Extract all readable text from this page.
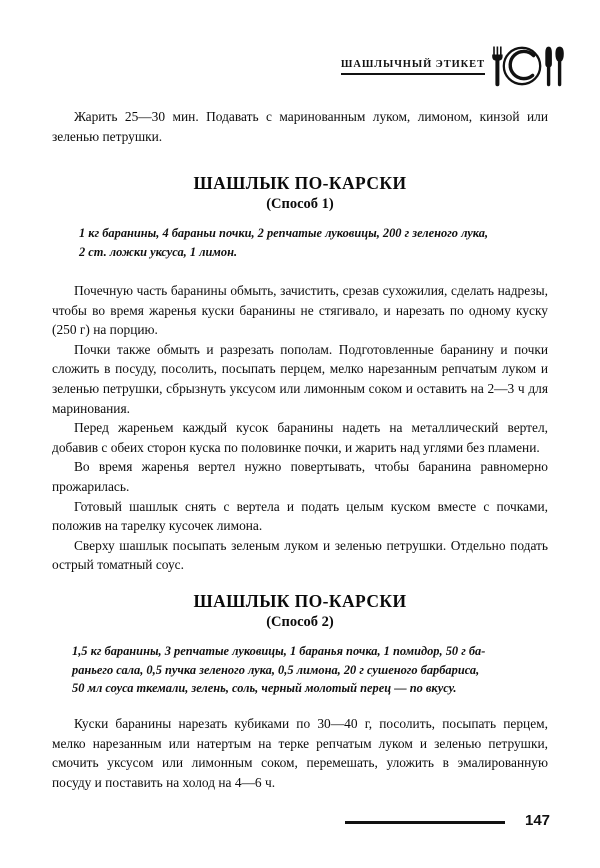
ШАШЛЫЧНЫЙ ЭТИКЕТ

Жарить 25—30 мин. Подавать с маринованным луком, лимоном, кинзой или зеленью петрушки.

ШАШЛЫК ПО-КАРСКИ
(Способ 1)

1 кг баранины, 4 бараньи почки, 2 репчатые луковицы, 200 г зеленого лука,
2 ст. ложки уксуса, 1 лимон.

Почечную часть баранины обмыть, зачистить, срезав сухожилия, сделать надрезы, чтобы во время жаренья куски баранины не стягивало, и нарезать по одному куску (250 г) на порцию.

Почки также обмыть и разрезать пополам. Подготовленные баранину и почки сложить в посуду, посолить, посыпать перцем, мелко нарезанным репчатым луком и зеленью петрушки, сбрызнуть уксусом или лимонным соком и оставить на 2—3 ч для маринования.

Перед жареньем каждый кусок баранины надеть на металлический вертел, добавив с обеих сторон куска по половинке почки, и жарить над углями без пламени.

Во время жаренья вертел нужно повертывать, чтобы баранина равномерно прожарилась.

Готовый шашлык снять с вертела и подать целым куском вместе с почками, положив на тарелку кусочек лимона.

Сверху шашлык посыпать зеленым луком и зеленью петрушки. Отдельно подать острый томатный соус.

ШАШЛЫК ПО-КАРСКИ
(Способ 2)

1,5 кг баранины, 3 репчатые луковицы, 1 баранья почка, 1 помидор, 50 г ба-
раньего сала, 0,5 пучка зеленого лука, 0,5 лимона, 20 г сушеного барбариса,
50 мл соуса ткемали, зелень, соль, черный молотый перец — по вкусу.

Куски баранины нарезать кубиками по 30—40 г, посолить, посыпать перцем, мелко нарезанным или натертым на терке репчатым луком и зеленью петрушки, смочить уксусом или лимонным соком, перемешать, уложить в эмалированную посуду и поставить на холод на 4—6 ч.

147
